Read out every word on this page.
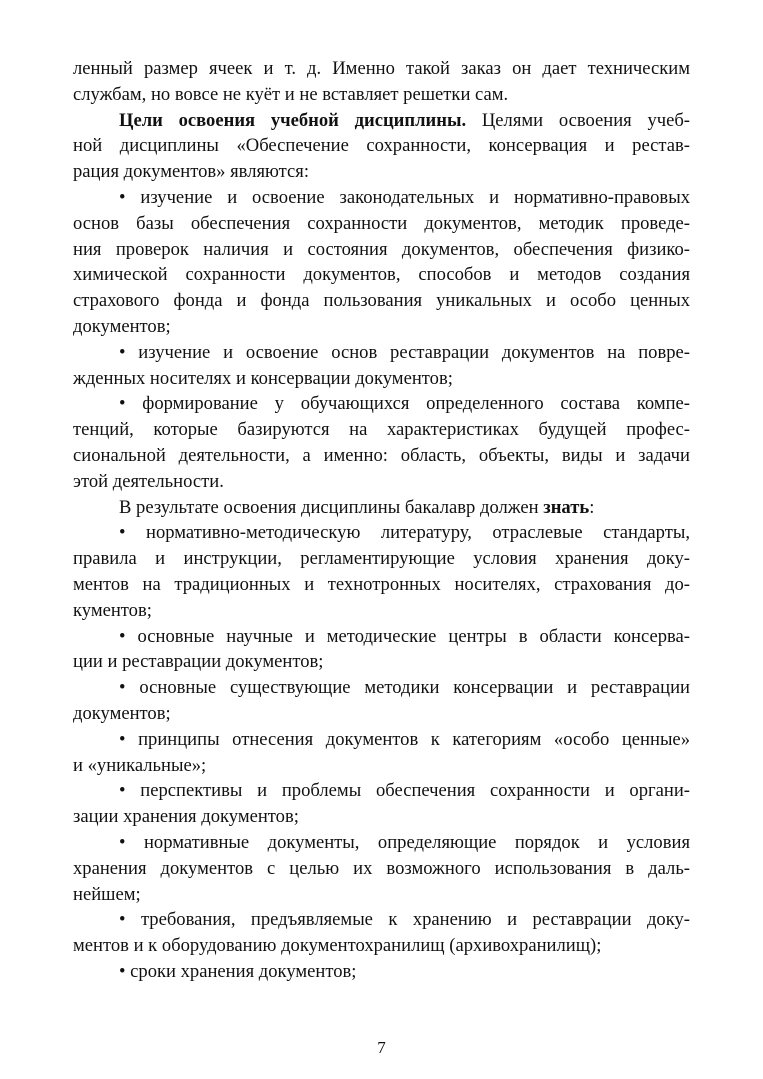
ленный размер ячеек и т. д. Именно такой заказ он дает техническим
службам, но вовсе не куёт и не вставляет решетки сам.
Цели освоения учебной дисциплины. Целями освоения учеб-
ной дисциплины «Обеспечение сохранности, консервация и рестав-
рация документов» являются:
• изучение и освоение законодательных и нормативно-правовых
основ базы обеспечения сохранности документов, методик проведе-
ния проверок наличия и состояния документов, обеспечения физико-
химической сохранности документов, способов и методов создания
страхового фонда и фонда пользования уникальных и особо ценных
документов;
• изучение и освоение основ реставрации документов на повре-
жденных носителях и консервации документов;
• формирование у обучающихся определенного состава компе-
тенций, которые базируются на характеристиках будущей профес-
сиональной деятельности, а именно: область, объекты, виды и задачи
этой деятельности.
В результате освоения дисциплины бакалавр должен знать:
• нормативно-методическую литературу, отраслевые стандарты,
правила и инструкции, регламентирующие условия хранения доку-
ментов на традиционных и технотронных носителях, страхования до-
кументов;
• основные научные и методические центры в области консерва-
ции и реставрации документов;
• основные существующие методики консервации и реставрации
документов;
• принципы отнесения документов к категориям «особо ценные»
и «уникальные»;
• перспективы и проблемы обеспечения сохранности и органи-
зации хранения документов;
• нормативные документы, определяющие порядок и условия
хранения документов с целью их возможного использования в даль-
нейшем;
• требования, предъявляемые к хранению и реставрации доку-
ментов и к оборудованию документохранилищ (архивохранилищ);
• сроки хранения документов;
7
